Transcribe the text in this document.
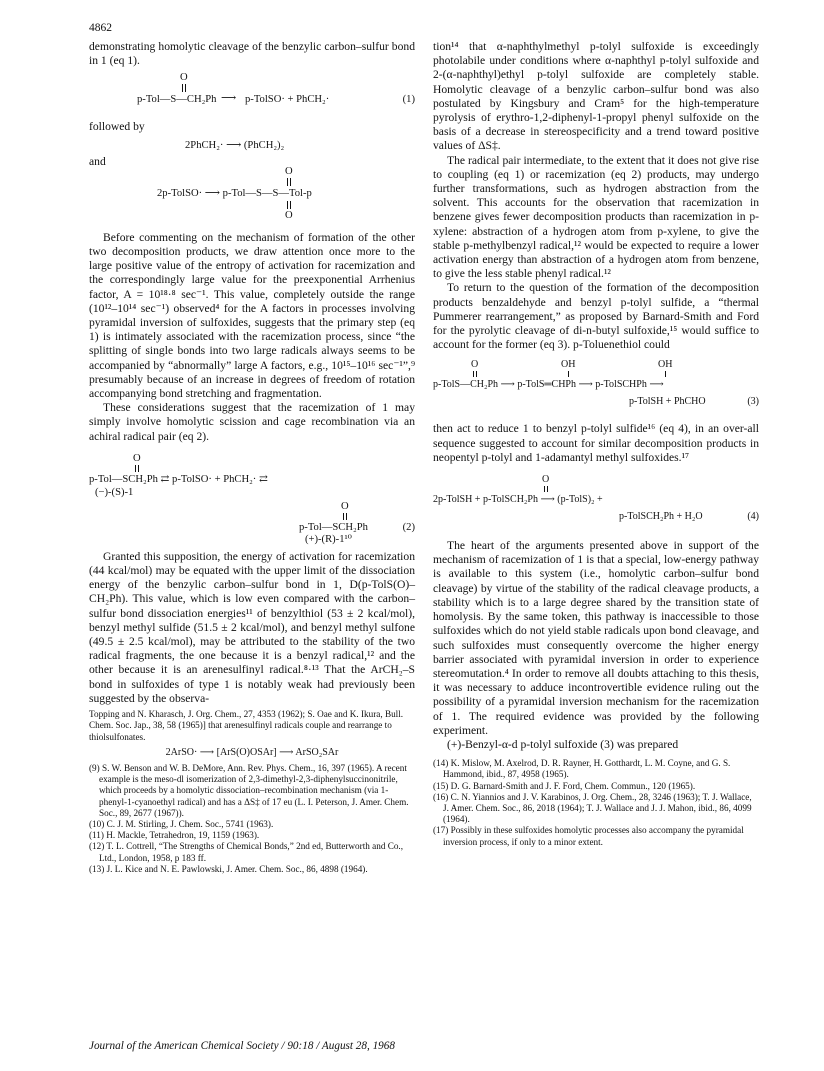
4862

demonstrating homolytic cleavage of the benzylic carbon–sulfur bond in 1 (eq 1).

O
p-Tol—S—CH₂Ph ⟶ p-TolSO· + PhCH₂·	(1)

followed by

2PhCH₂· ⟶ (PhCH₂)₂

and

O
2p-TolSO· ⟶ p-Tol—S—S—Tol-p
O

Before commenting on the mechanism of formation of the other two decomposition products, we draw attention once more to the large positive value of the entropy of activation for racemization and the correspondingly large value for the preexponential Arrhenius factor, A = 10¹⁸·⁸ sec⁻¹. This value, completely outside the range (10¹²–10¹⁴ sec⁻¹) observed⁴ for the A factors in processes involving pyramidal inversion of sulfoxides, suggests that the primary step (eq 1) is intimately associated with the racemization process, since “the splitting of single bonds into two large radicals always seems to be accompanied by “abnormally” large A factors, e.g., 10¹⁵–10¹⁶ sec⁻¹”,⁹ presumably because of an increase in degrees of freedom of rotation accompanying bond stretching and fragmentation.

These considerations suggest that the racemization of 1 may simply involve homolytic scission and cage recombination via an achiral radical pair (eq 2).

O
p-Tol—SCH₂Ph ⇄ p-TolSO· + PhCH₂· ⇄
(−)-(S)-1
O
p-Tol—SCH₂Ph
(+)-(R)-1¹⁰
(2)

Granted this supposition, the energy of activation for racemization (44 kcal/mol) may be equated with the upper limit of the dissociation energy of the benzylic carbon–sulfur bond in 1, D(p-TolS(O)–CH₂Ph). This value, which is low even compared with the carbon–sulfur bond dissociation energies¹¹ of benzylthiol (53 ± 2 kcal/mol), benzyl methyl sulfide (51.5 ± 2 kcal/mol), and benzyl methyl sulfone (49.5 ± 2.5 kcal/mol), may be attributed to the stability of the two radical fragments, the one because it is a benzyl radical,¹² and the other because it is an arenesulfinyl radical.⁸·¹³ That the ArCH₂–S bond in sulfoxides of type 1 is notably weak had previously been suggested by the observa-

Topping and N. Kharasch, J. Org. Chem., 27, 4353 (1962); S. Oae and K. Ikura, Bull. Chem. Soc. Jap., 38, 58 (1965)] that arenesulfinyl radicals couple and rearrange to thiolsulfonates.

2ArSO· ⟶ [ArS(O)OSAr] ⟶ ArSO₂SAr

(9) S. W. Benson and W. B. DeMore, Ann. Rev. Phys. Chem., 16, 397 (1965). A recent example is the meso-dl isomerization of 2,3-dimethyl-2,3-diphenylsuccinonitrile, which proceeds by a homolytic dissociation–recombination mechanism (via 1-phenyl-1-cyanoethyl radical) and has a ΔS‡ of 17 eu (L. I. Peterson, J. Amer. Chem. Soc., 89, 2677 (1967)).

(10) C. J. M. Stirling, J. Chem. Soc., 5741 (1963).

(11) H. Mackle, Tetrahedron, 19, 1159 (1963).

(12) T. L. Cottrell, “The Strengths of Chemical Bonds,” 2nd ed, Butterworth and Co., Ltd., London, 1958, p 183 ff.

(13) J. L. Kice and N. E. Pawlowski, J. Amer. Chem. Soc., 86, 4898 (1964).

tion¹⁴ that α-naphthylmethyl p-tolyl sulfoxide is exceedingly photolabile under conditions where α-naphthyl p-tolyl sulfoxide and 2-(α-naphthyl)ethyl p-tolyl sulfoxide are completely stable. Homolytic cleavage of a benzylic carbon–sulfur bond was also postulated by Kingsbury and Cram⁵ for the high-temperature pyrolysis of erythro-1,2-diphenyl-1-propyl phenyl sulfoxide on the basis of a decrease in stereospecificity and a trend toward positive values of ΔS‡.

The radical pair intermediate, to the extent that it does not give rise to coupling (eq 1) or racemization (eq 2) products, may undergo further transformations, such as hydrogen abstraction from the solvent. This accounts for the observation that racemization in benzene gives fewer decomposition products than racemization in p-xylene: abstraction of a hydrogen atom from p-xylene, to give the stable p-methylbenzyl radical,¹² would be expected to require a lower activation energy than abstraction of a hydrogen atom from benzene, to give the less stable phenyl radical.¹²

To return to the question of the formation of the decomposition products benzaldehyde and benzyl p-tolyl sulfide, a “thermal Pummerer rearrangement,” as proposed by Barnard-Smith and Ford for the pyrolytic cleavage of di-n-butyl sulfoxide,¹⁵ would suffice to account for the former (eq 3). p-Toluenethiol could

O	OH	OH
p-TolS—CH₂Ph ⟶ p-TolS═CHPh ⟶ p-TolSCHPh ⟶
p-TolSH + PhCHO	(3)

then act to reduce 1 to benzyl p-tolyl sulfide¹⁶ (eq 4), in an over-all sequence suggested to account for similar decomposition products in neopentyl p-tolyl and 1-adamantyl methyl sulfoxides.¹⁷

O
2p-TolSH + p-TolSCH₂Ph ⟶ (p-TolS)₂ +
p-TolSCH₂Ph + H₂O	(4)

The heart of the arguments presented above in support of the mechanism of racemization of 1 is that a special, low-energy pathway is available to this system (i.e., homolytic carbon–sulfur bond cleavage) by virtue of the stability of the radical cleavage products, a stability which is to a large degree shared by the transition state of homolysis. By the same token, this pathway is inaccessible to those sulfoxides which do not yield stable radicals upon bond cleavage, and such sulfoxides must consequently overcome the higher energy barrier associated with pyramidal inversion in order to experience stereomutation.⁴ In order to remove all doubts attaching to this thesis, it was necessary to adduce incontrovertible evidence ruling out the possibility of a pyramidal inversion mechanism for the racemization of 1. The required evidence was provided by the following experiment.

(+)-Benzyl-α-d p-tolyl sulfoxide (3) was prepared

(14) K. Mislow, M. Axelrod, D. R. Rayner, H. Gotthardt, L. M. Coyne, and G. S. Hammond, ibid., 87, 4958 (1965).

(15) D. G. Barnard-Smith and J. F. Ford, Chem. Commun., 120 (1965).

(16) C. N. Yiannios and J. V. Karabinos, J. Org. Chem., 28, 3246 (1963); T. J. Wallace, J. Amer. Chem. Soc., 86, 2018 (1964); T. J. Wallace and J. J. Mahon, ibid., 86, 4099 (1964).

(17) Possibly in these sulfoxides homolytic processes also accompany the pyramidal inversion process, if only to a minor extent.

Journal of the American Chemical Society / 90:18 / August 28, 1968
